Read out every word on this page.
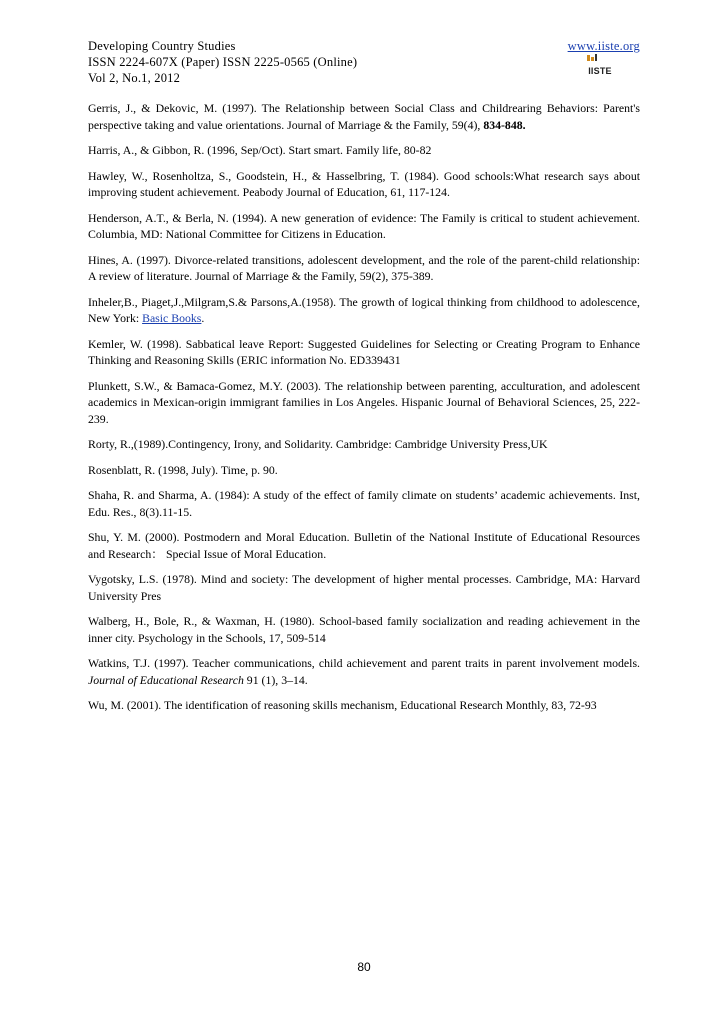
Developing Country Studies
ISSN 2224-607X (Paper) ISSN 2225-0565 (Online)
Vol 2, No.1, 2012
www.iiste.org
IISTE

Gerris, J., & Dekovic, M. (1997). The Relationship between Social Class and Childrearing Behaviors: Parent's perspective taking and value orientations. Journal of Marriage & the Family, 59(4), 834-848.

Harris, A., & Gibbon, R. (1996, Sep/Oct). Start smart. Family life, 80-82

Hawley, W., Rosenholtza, S., Goodstein, H., & Hasselbring, T. (1984). Good schools:What research says about improving student achievement. Peabody Journal of Education, 61, 117-124.

Henderson, A.T., & Berla, N. (1994). A new generation of evidence: The Family is critical to student achievement. Columbia, MD: National Committee for Citizens in Education.

Hines, A. (1997). Divorce-related transitions, adolescent development, and the role of the parent-child relationship: A review of literature. Journal of Marriage & the Family, 59(2), 375-389.

Inheler,B., Piaget,J.,Milgram,S.& Parsons,A.(1958). The growth of logical thinking from childhood to adolescence, New York: Basic Books.

Kemler, W. (1998). Sabbatical leave Report: Suggested Guidelines for Selecting or Creating Program to Enhance Thinking and Reasoning Skills (ERIC information No. ED339431

Plunkett, S.W., & Bamaca-Gomez, M.Y. (2003). The relationship between parenting, acculturation, and adolescent academics in Mexican-origin immigrant families in Los Angeles. Hispanic Journal of Behavioral Sciences, 25, 222-239.

Rorty, R.,(1989).Contingency, Irony, and Solidarity. Cambridge: Cambridge University Press,UK

Rosenblatt, R. (1998, July). Time, p. 90.

Shaha, R. and Sharma, A. (1984): A study of the effect of family climate on students’ academic achievements. Inst, Edu. Res., 8(3).11-15.

Shu, Y. M. (2000). Postmodern and Moral Education. Bulletin of the National Institute of Educational Resources and Research： Special Issue of Moral Education.

Vygotsky, L.S. (1978). Mind and society: The development of higher mental processes. Cambridge, MA: Harvard University Pres

Walberg, H., Bole, R., & Waxman, H. (1980). School-based family socialization and reading achievement in the inner city. Psychology in the Schools, 17, 509-514

Watkins, T.J. (1997). Teacher communications, child achievement and parent traits in parent involvement models. Journal of Educational Research 91 (1), 3–14.

Wu, M. (2001). The identification of reasoning skills mechanism, Educational Research Monthly, 83, 72-93

80
